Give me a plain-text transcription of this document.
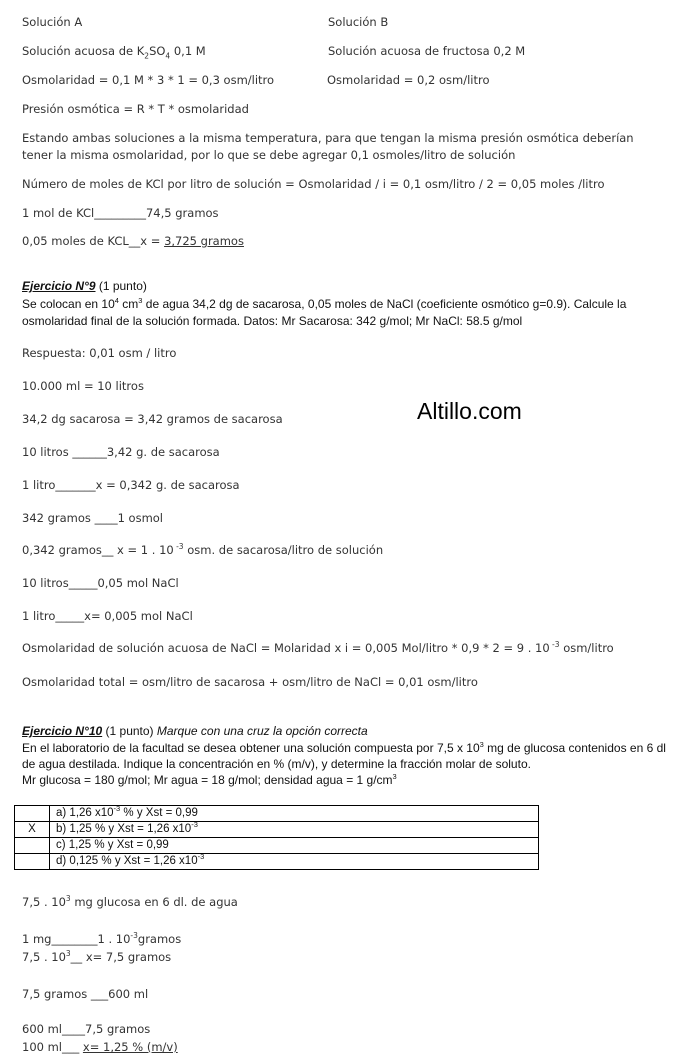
Solución A	Solución B
Solución acuosa de $K_2SO_4$ 0,1 M	Solución acuosa de fructosa 0,2 M
Osmolaridad = 0,1 M * 3 * 1 = 0,3 osm/litro	Osmolaridad = 0,2 osm/litro
Presión osmótica = R * T * osmolaridad
Estando ambas soluciones a la misma temperatura, para que tengan la misma presión osmótica deberían
tener la misma osmolaridad, por lo que se debe agregar 0,1 osmoles/litro de solución
Número de moles de KCl por litro de solución = Osmolaridad / i = 0,1 osm/litro / 2 = 0,05 moles /litro
1 mol de KCl_________74,5 gramos
0,05 moles de KCL__x = 3,725 gramos
Ejercicio N°9 (1 punto)
Se colocan en $10^4$ $cm^3$ de agua 34,2 dg de sacarosa, 0,05 moles de NaCl (coeficiente osmótico g=0.9). Calcule la
osmolaridad final de la solución formada. Datos: Mr Sacarosa: 342 g/mol; Mr NaCl: 58.5 g/mol
Respuesta: 0,01 osm / litro
10.000 ml = 10 litros
34,2 dg sacarosa = 3,42 gramos de sacarosa
10 litros ______3,42 g. de sacarosa
1 litro_______x = 0,342 g. de sacarosa
342 gramos ____1 osmol
0,342 gramos__ x = 1 . 10 $^{-3}$ osm. de sacarosa/litro de solución
10 litros_____0,05 mol NaCl
1 litro_____x= 0,005 mol NaCl
Osmolaridad de solución acuosa de NaCl = Molaridad x i = 0,005 Mol/litro * 0,9 * 2 = 9 . 10 $^{-3}$ osm/litro
Osmolaridad total = osm/litro de sacarosa + osm/litro de NaCl = 0,01 osm/litro
Altillo.com
Ejercicio N°10 (1 punto) Marque con una cruz la opción correcta
En el laboratorio de la facultad se desea obtener una solución compuesta por 7,5 x $10^3$ mg de glucosa contenidos en 6 dl
de agua destilada. Indique la concentración en % (m/v), y determine la fracción molar de soluto.
Mr glucosa = 180 g/mol; Mr agua = 18 g/mol; densidad agua = 1 $g/cm^3$
	a) 1,26 $x10^{-3}$ % y Xst = 0,99
X	b) 1,25 % y Xst = 1,26 $x10^{-3}$
	c) 1,25 % y Xst = 0,99
	d) 0,125 % y Xst = 1,26 $x10^{-3}$
7,5 . $10^3$ mg glucosa en 6 dl. de agua
1 mg________1 . $10^{-3}gramos$
7,5 . $10^3\_\_$ x= 7,5 gramos
7,5 gramos ___600 ml
600 ml____7,5 gramos
100 ml___ x= 1,25 % (m/v)
